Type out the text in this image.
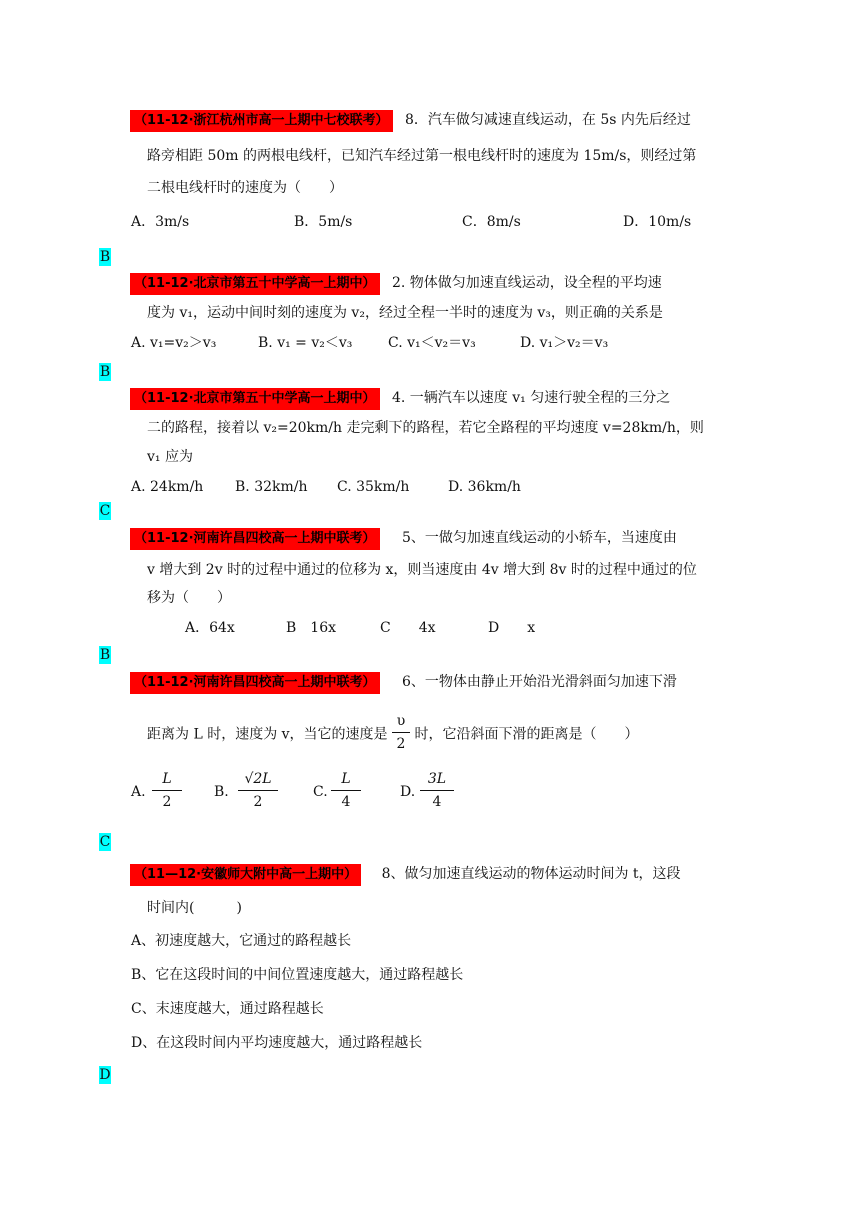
（11-12·浙江杭州市高一上期中七校联考） 8．汽车做匀减速直线运动，在 5s 内先后经过
路旁相距 50m 的两根电线杆，已知汽车经过第一根电线杆时的速度为 15m/s，则经过第
二根电线杆时的速度为（　　）
A．3m/s	B．5m/s	C．8m/s	D．10m/s
B
（11-12·北京市第五十中学高一上期中） 2. 物体做匀加速直线运动，设全程的平均速
度为 v₁，运动中间时刻的速度为 v₂，经过全程一半时的速度为 v₃，则正确的关系是
A. v₁=v₂＞v₃	B. v₁ = v₂＜v₃	C. v₁＜v₂＝v₃	D. v₁＞v₂＝v₃
B
（11-12·北京市第五十中学高一上期中） 4. 一辆汽车以速度 v₁ 匀速行驶全程的三分之
二的路程，接着以 v₂=20km/h 走完剩下的路程，若它全路程的平均速度 v=28km/h，则
v₁ 应为
A. 24km/h B. 32km/h C. 35km/h	D. 36km/h
C
（11-12·河南许昌四校高一上期中联考） 5、一做匀加速直线运动的小轿车，当速度由
v 增大到 2v 时的过程中通过的位移为 x，则当速度由 4v 增大到 8v 时的过程中通过的位
移为（　　）
A．64x	B　16x	C　　4x	D　　x
B
（11-12·河南许昌四校高一上期中联考） 6、一物体由静止开始沿光滑斜面匀加速下滑
距离为 L 时，速度为 v，当它的速度是 $\frac{\upsilon}{2}$ 时，它沿斜面下滑的距离是（　　）
A.
L
2
B.
√2L
2
C.
L
4
D.
3L
4
C
（11—12·安徽师大附中高一上期中） 8、做匀加速直线运动的物体运动时间为 t，这段
时间内(　　　)
A、初速度越大，它通过的路程越长
B、它在这段时间的中间位置速度越大，通过路程越长
C、末速度越大，通过路程越长
D、在这段时间内平均速度越大，通过路程越长
D
